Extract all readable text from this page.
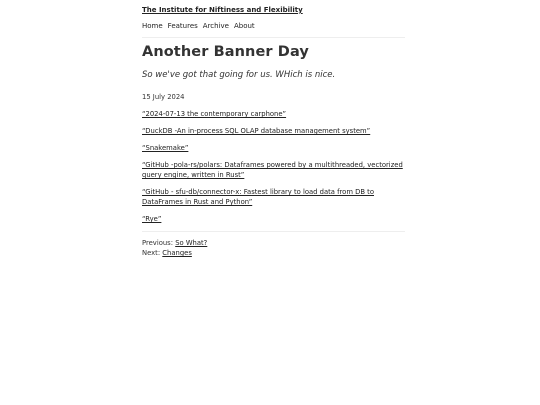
The Institute for Niftiness and Flexibility
Home Features Archive About
Another Banner Day
So we've got that going for us. WHich is nice.
15 July 2024
“2024-07-13 the contemporary carphone”
“DuckDB -An in-process SQL OLAP database management system”
“Snakemake”
“GitHub -pola-rs/polars: Dataframes powered by a multithreaded, vectorized query engine, written in Rust”
“GitHub - sfu-db/connector-x: Fastest library to load data from DB to DataFrames in Rust and Python”
“Rye”
Previous: So What?
Next: Changes
